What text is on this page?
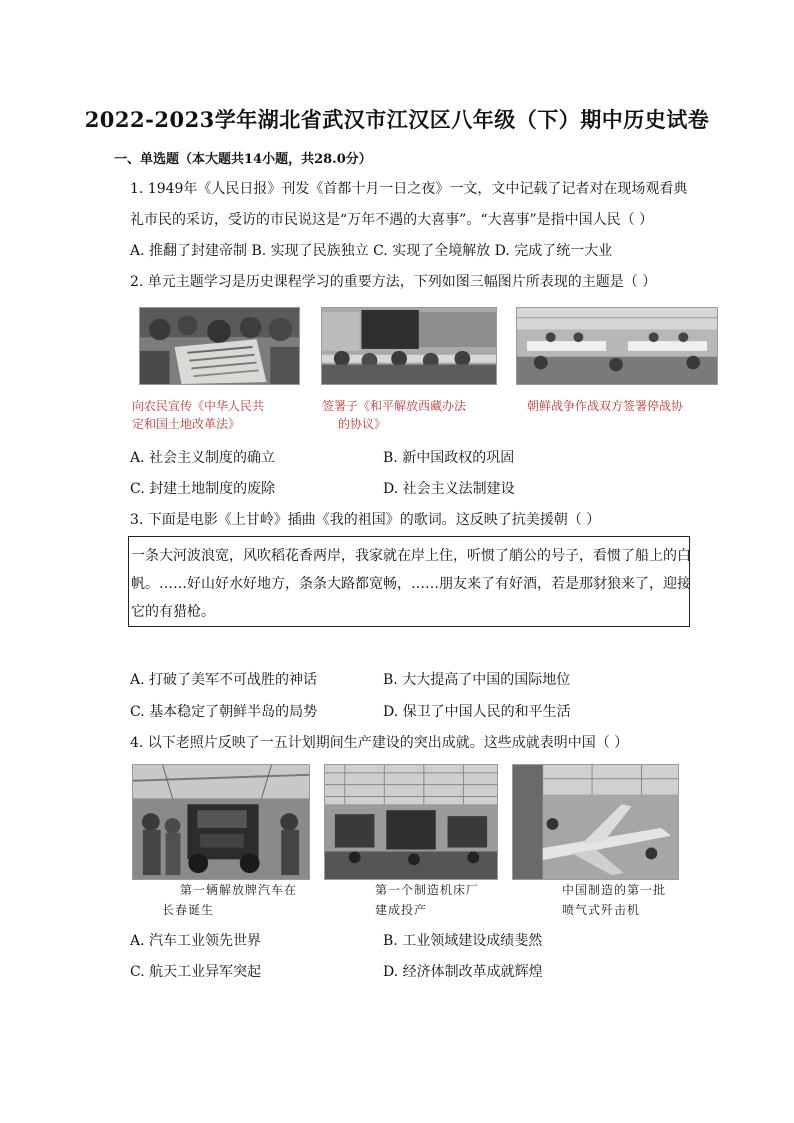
2022-2023学年湖北省武汉市江汉区八年级（下）期中历史试卷
一、单选题（本大题共14小题，共28.0分）
1. 1949年《人民日报》刊发《首都十月一日之夜》一文，文中记载了记者对在现场观看典
礼市民的采访，受访的市民说这是“万年不遇的大喜事”。“大喜事”是指中国人民（ ）
A. 推翻了封建帝制 B. 实现了民族独立 C. 实现了全境解放 D. 完成了统一大业
2. 单元主题学习是历史课程学习的重要方法，下列如图三幅图片所表现的主题是（ ）
向农民宣传《中华人民共
定和国土地改革法》
签署子《和平解放西藏办法
的协议》
朝鲜战争作战双方签署停战协
A. 社会主义制度的确立	B. 新中国政权的巩固
C. 封建土地制度的废除	D. 社会主义法制建设
3. 下面是电影《上甘岭》插曲《我的祖国》的歌词。这反映了抗美援朝（ ）
一条大河波浪宽，风吹稻花香两岸，我家就在岸上住，听惯了艄公的号子，看惯了船上的白
帆。……好山好水好地方，条条大路都宽畅，……朋友来了有好酒，若是那豺狼来了，迎接
它的有猎枪。
A. 打破了美军不可战胜的神话	B. 大大提高了中国的国际地位
C. 基本稳定了朝鲜半岛的局势	D. 保卫了中国人民的和平生活
4. 以下老照片反映了一五计划期间生产建设的突出成就。这些成就表明中国（ ）
第一辆解放牌汽车在
长春诞生
第一个制造机床厂
建成投产
中国制造的第一批
喷气式歼击机
A. 汽车工业领先世界	B. 工业领域建设成绩斐然
C. 航天工业异军突起	D. 经济体制改革成就辉煌
